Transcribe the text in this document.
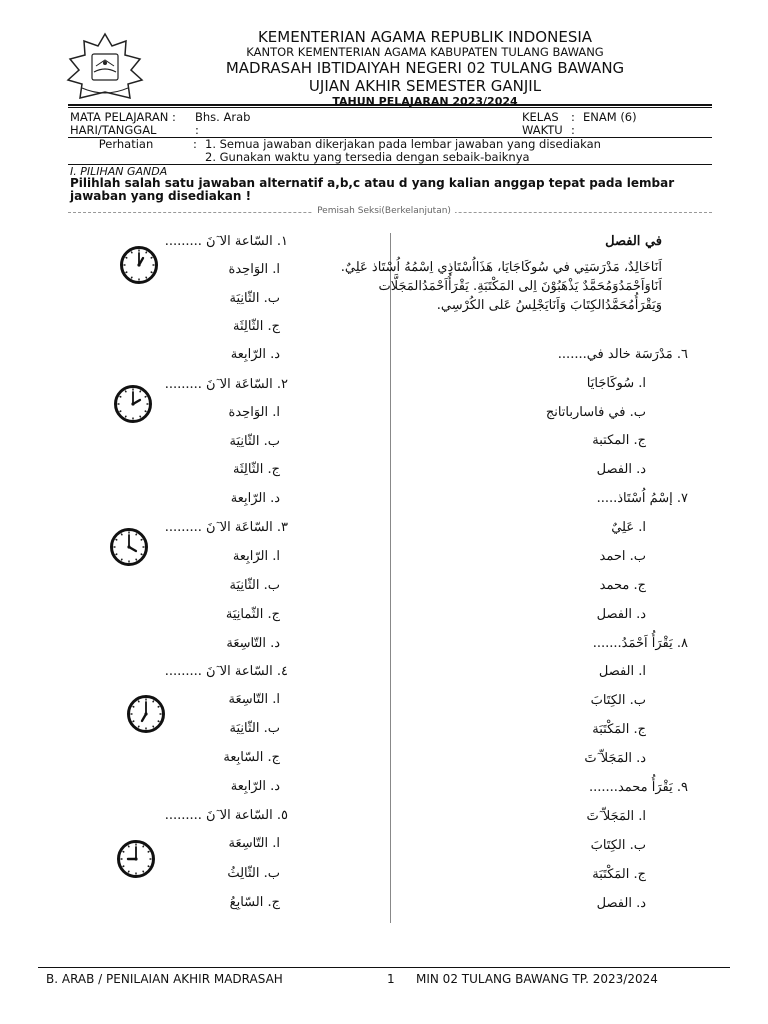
KEMENTERIAN AGAMA REPUBLIK INDONESIA
KANTOR KEMENTERIAN AGAMA KABUPATEN TULANG BAWANG
MADRASAH IBTIDAIYAH NEGERI 02 TULANG BAWANG
UJIAN AKHIR SEMESTER GANJIL
TAHUN PELAJARAN 2023/2024
MATA PELAJARAN : Bhs. Arab
HARI/TANGGAL	:
KELAS : ENAM (6)
WAKTU :
Perhatian	: 1. Semua jawaban dikerjakan pada lembar jawaban yang disediakan
2. Gunakan waktu yang tersedia dengan sebaik-baiknya
I. PILIHAN GANDA
Pilihlah salah satu jawaban alternatif a,b,c atau d yang kalian anggap tepat pada lembar jawaban yang disediakan !
Pemisah Seksi(Berkelanjutan)
١. السّاعة الا ٓنَ .........
ا. الوَاحِدة
ب. الثّانِيَة
ج. الثّالِثَة
د. الرّابِعة
٢. السّاعَة الا ٓنَ .........
ا. الوَاحِدة
ب. الثّانِيَة
ج. الثّالِثَة
د. الرّابِعة
٣. السّاعَة الا ٓنَ .........
ا. الرّابِعة
ب. الثّانِيَة
ج. الثّمانِيَة
د. التّاسِعَة
٤. السّاعة الا ٓنَ .........
ا. التّاسِعَة
ب. الثّانِيَة
ج. السّابِعة
د. الرّابِعة
٥. السّاعة الا ٓنَ .........
ا. التّاسِعَة
ب. الثّالِثُ
ج. السّابِعُ
في الفصل
اَنَاخَالِدٌ، مَدْرَسَتِي في سُوكَاجَايَا، هَذَااُسْتَاذِي اِسْمُهُ اُسْتَاذ عَلِيٌ. اَنَاوَاَحْمَدُوَمُحَمَّدٌ يَذْهَبُوْنَ اِلى المَكْتَبَةِ. يَقْرَأُاَحْمَدُالمَجَلَّات وَيَقْرَأُمُحَمَّدُالكِتَابَ وَاَنَايَجْلِسُ عَلى الكُرْسِي.
٦. مَدْرَسَة خالد في.......
ا. سُوكَاجَايَا
ب. في فاسارباتانج
ج. المكتبة
د. الفصل
٧. إسْمُ اُسْتَاذ.....
ا. عَلِيٌ
ب. احمد
ج. محمد
د. الفصل
٨. يَقْرَأُ اَحْمَدُ.......
ا. الفصل
ب. الكِتَابَ
ج. المَكْتَبَة
د. المَجَلاّ ٓتَ
٩. يَقْرَأُ محمد.......
ا. المَجَلاّ ٓتَ
ب. الكِتَابَ
ج. المَكْتَبَة
د. الفصل
B. ARAB / PENILAIAN AKHIR MADRASAH	1 MIN 02 TULANG BAWANG TP. 2023/2024
